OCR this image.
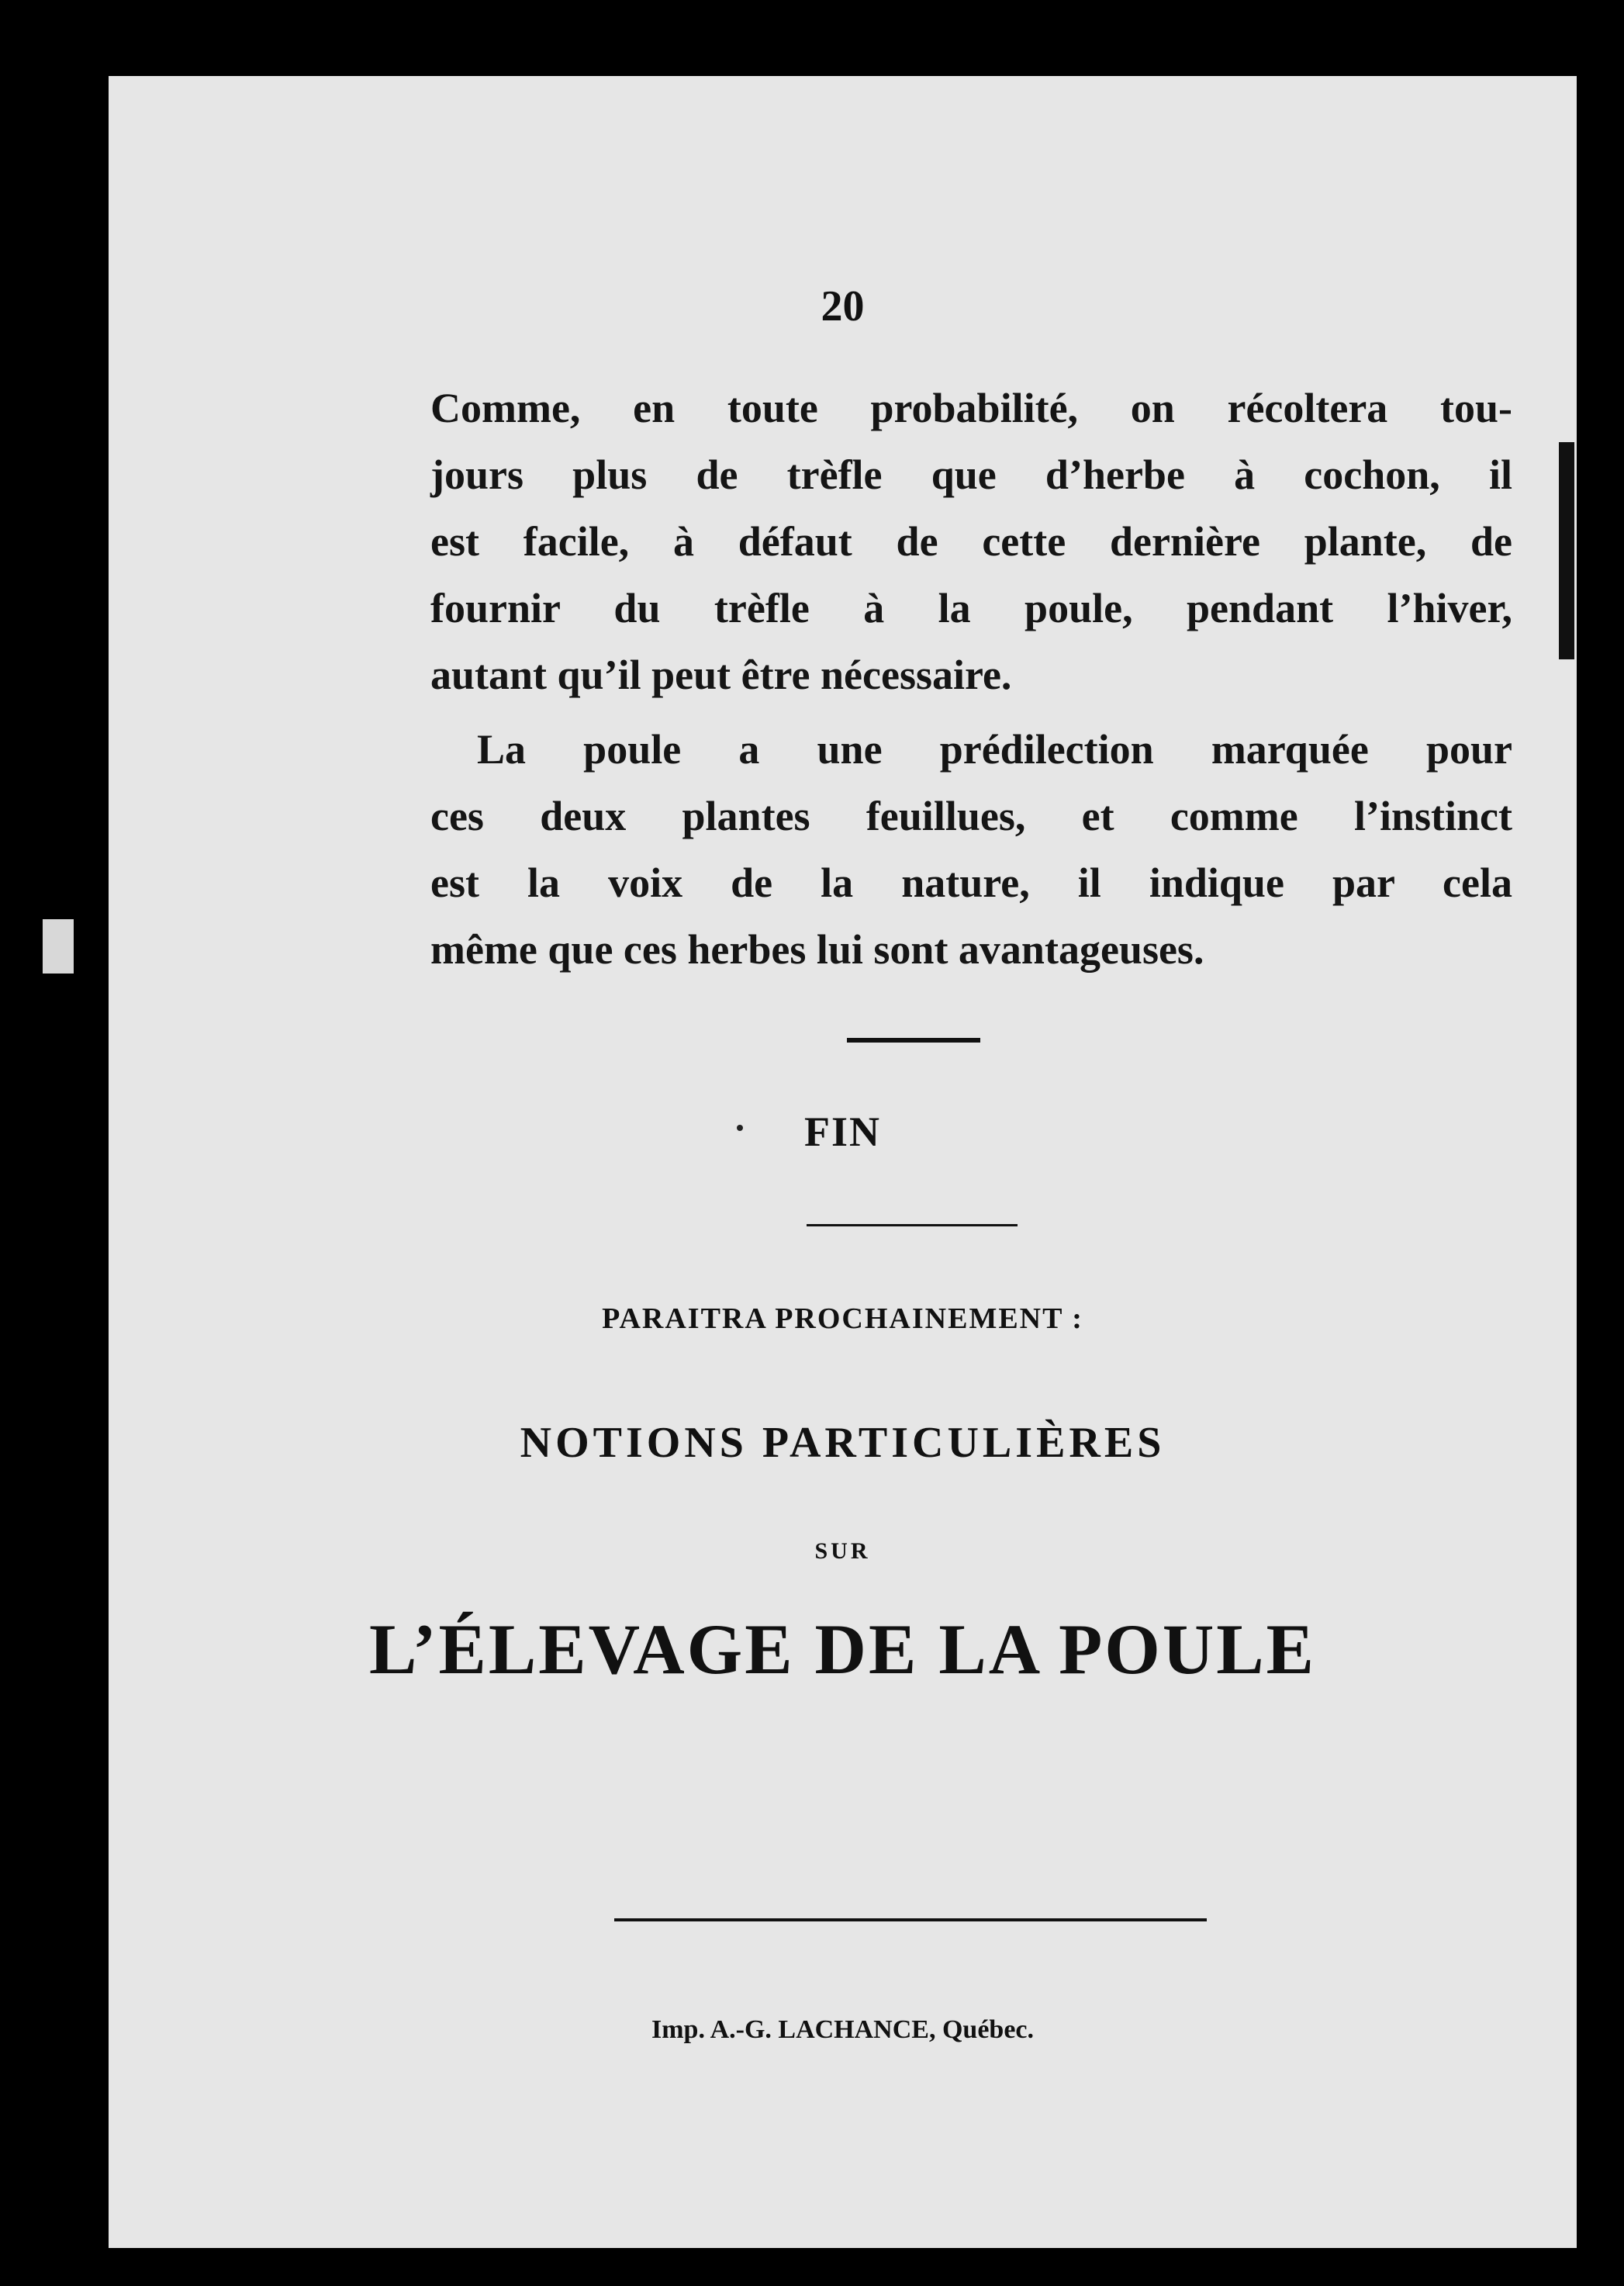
20
Comme, en toute probabilité, on récoltera tou-
jours plus de trèfle que d’herbe à cochon, il
est facile, à défaut de cette dernière plante, de
fournir du trèfle à la poule, pendant l’hiver,
autant qu’il peut être nécessaire.
La poule a une prédilection marquée pour
ces deux plantes feuillues, et comme l’instinct
est la voix de la nature, il indique par cela
même que ces herbes lui sont avantageuses.
FIN
PARAITRA PROCHAINEMENT :
NOTIONS PARTICULIÈRES
SUR
L’ÉLEVAGE DE LA POULE
Imp. A.-G. LACHANCE, Québec.
